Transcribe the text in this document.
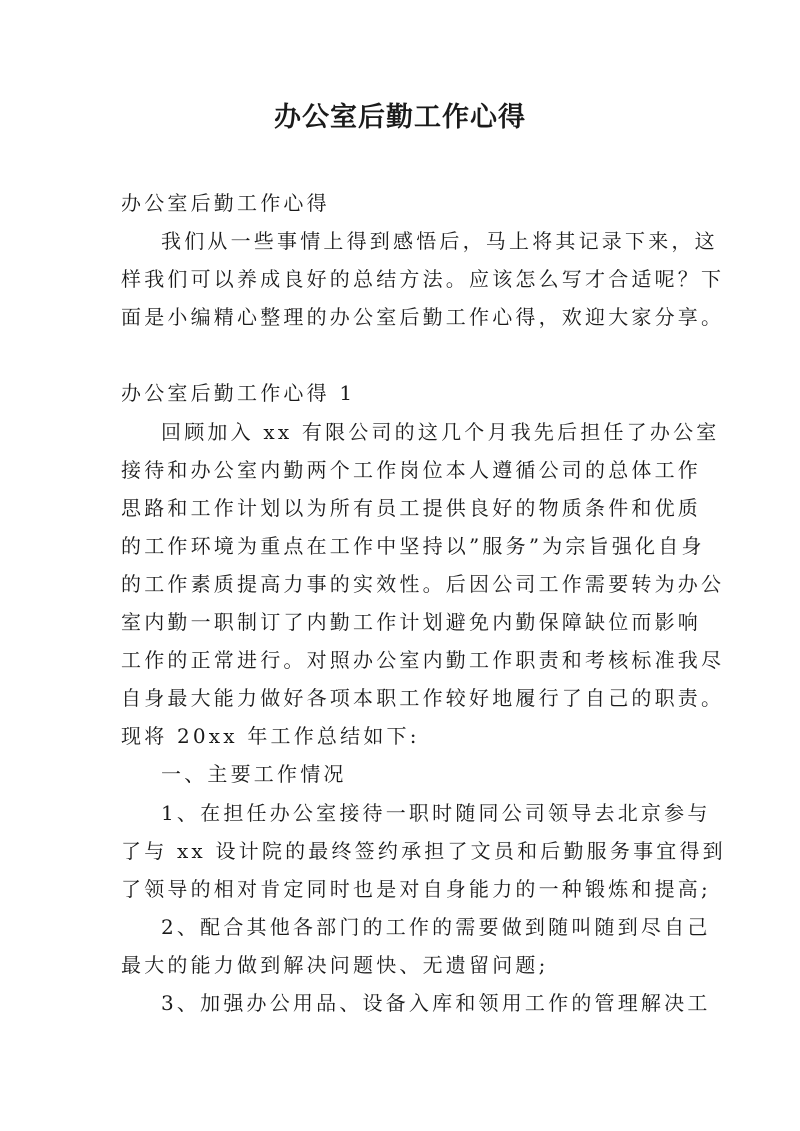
办公室后勤工作心得
办公室后勤工作心得
我们从一些事情上得到感悟后，马上将其记录下来，这
样我们可以养成良好的总结方法。应该怎么写才合适呢？下
面是小编精心整理的办公室后勤工作心得，欢迎大家分享。
办公室后勤工作心得 1
回顾加入 xx 有限公司的这几个月我先后担任了办公室
接待和办公室内勤两个工作岗位本人遵循公司的总体工作
思路和工作计划以为所有员工提供良好的物质条件和优质
的工作环境为重点在工作中坚持以”服务”为宗旨强化自身
的工作素质提高力事的实效性。后因公司工作需要转为办公
室内勤一职制订了内勤工作计划避免内勤保障缺位而影响
工作的正常进行。对照办公室内勤工作职责和考核标准我尽
自身最大能力做好各项本职工作较好地履行了自己的职责。
现将 20xx 年工作总结如下:
一、主要工作情况
1、在担任办公室接待一职时随同公司领导去北京参与
了与 xx 设计院的最终签约承担了文员和后勤服务事宜得到
了领导的相对肯定同时也是对自身能力的一种锻炼和提高;
2、配合其他各部门的工作的需要做到随叫随到尽自己
最大的能力做到解决问题快、无遗留问题;
3、加强办公用品、设备入库和领用工作的管理解决工
